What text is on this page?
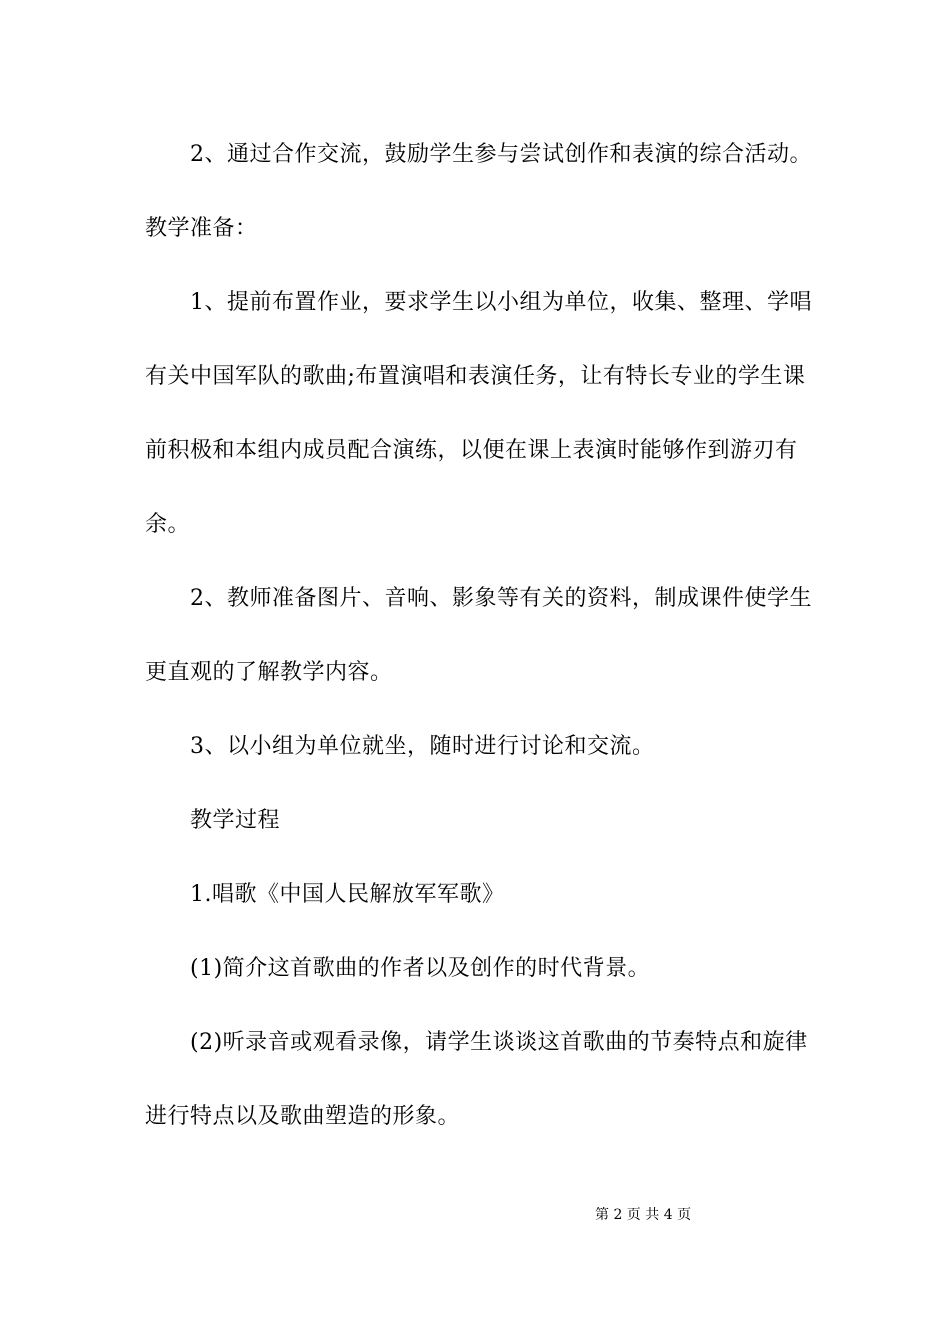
2、通过合作交流，鼓励学生参与尝试创作和表演的综合活动。
教学准备：
1、提前布置作业，要求学生以小组为单位，收集、整理、学唱
有关中国军队的歌曲;布置演唱和表演任务，让有特长专业的学生课
前积极和本组内成员配合演练，以便在课上表演时能够作到游刃有
余。
2、教师准备图片、音响、影象等有关的资料，制成课件使学生
更直观的了解教学内容。
3、以小组为单位就坐，随时进行讨论和交流。
教学过程
1.唱歌《中国人民解放军军歌》
(1)简介这首歌曲的作者以及创作的时代背景。
(2)听录音或观看录像，请学生谈谈这首歌曲的节奏特点和旋律
进行特点以及歌曲塑造的形象。
第 2 页 共 4 页
